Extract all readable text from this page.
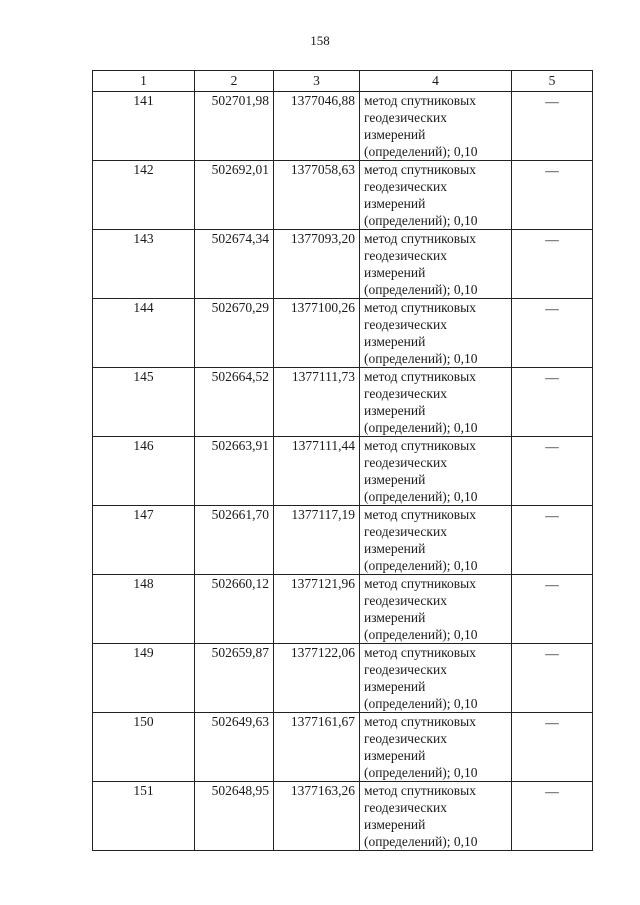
158
1	2	3	4	5
141	502701,98	1377046,88	метод спутниковых
геодезических
измерений
(определений); 0,10	—
142	502692,01	1377058,63	метод спутниковых
геодезических
измерений
(определений); 0,10	—
143	502674,34	1377093,20	метод спутниковых
геодезических
измерений
(определений); 0,10	—
144	502670,29	1377100,26	метод спутниковых
геодезических
измерений
(определений); 0,10	—
145	502664,52	1377111,73	метод спутниковых
геодезических
измерений
(определений); 0,10	—
146	502663,91	1377111,44	метод спутниковых
геодезических
измерений
(определений); 0,10	—
147	502661,70	1377117,19	метод спутниковых
геодезических
измерений
(определений); 0,10	—
148	502660,12	1377121,96	метод спутниковых
геодезических
измерений
(определений); 0,10	—
149	502659,87	1377122,06	метод спутниковых
геодезических
измерений
(определений); 0,10	—
150	502649,63	1377161,67	метод спутниковых
геодезических
измерений
(определений); 0,10	—
151	502648,95	1377163,26	метод спутниковых
геодезических
измерений
(определений); 0,10	—
